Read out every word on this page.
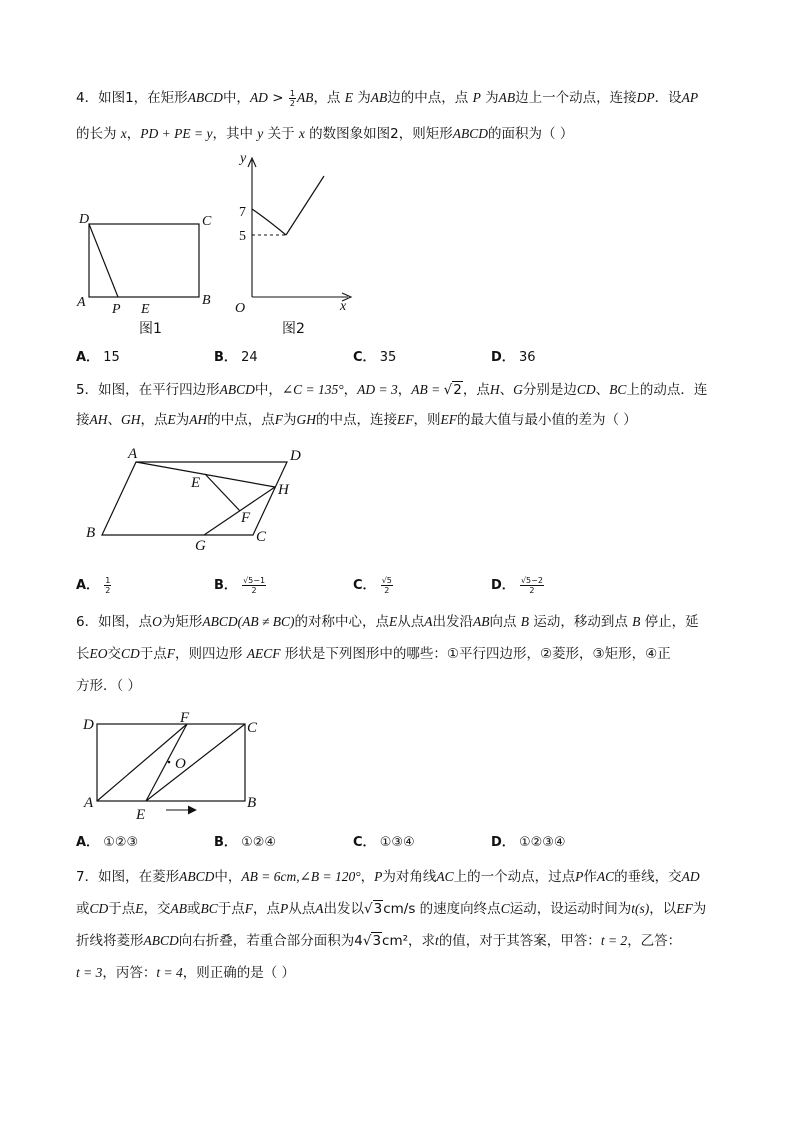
4．如图1，在矩形ABCD中，AD > $\frac{1}{2}$ AB，点 E 为AB边的中点，点 P 为AB边上一个动点，连接DP．设AP
的长为 x，PD + PE = y，其中 y 关于 x 的数图象如图2，则矩形ABCD的面积为（ ）
D	C
A P E
B
图1
y
x
O
7
5
图2
A． 15	B． 24	C． 35	D． 36
5．如图，在平行四边形ABCD中，∠C = 135°，AD = 3，AB = √2，点H、G分别是边CD、BC上的动点．连
接AH、GH，点E为AH的中点，点F为GH的中点，连接EF，则EF的最大值与最小值的差为（ ）
A	D
E	H
F
B
G
C
A． $\frac{1}{2}$	B． $\frac{√5-1}{2}$	C． $\frac{√5}{2}$	D． $\frac{√5-2}{2}$
6．如图，点O为矩形ABCD(AB ≠ BC)的对称中心，点E从点A出发沿AB向点 B 运动，移动到点 B 停止，延
长EO交CD于点F，则四边形 AECF 形状是下列图形中的哪些：①平行四边形，②菱形，③矩形，④正
方形．（ ）
D	F
C
O
A
E
B
A． ①②③	B． ①②④	C． ①③④	D． ①②③④
7．如图，在菱形ABCD中，AB = 6cm,∠B = 120°，P为对角线AC上的一个动点，过点P作AC的垂线，交AD
或CD于点E，交AB或BC于点F，点P从点A出发以√3cm/s 的速度向终点C运动，设运动时间为t(s)，以EF为
折线将菱形ABCD向右折叠，若重合部分面积为4√3cm²，求t的值，对于其答案，甲答：t = 2，乙答：
t = 3，丙答：t = 4，则正确的是（ ）
